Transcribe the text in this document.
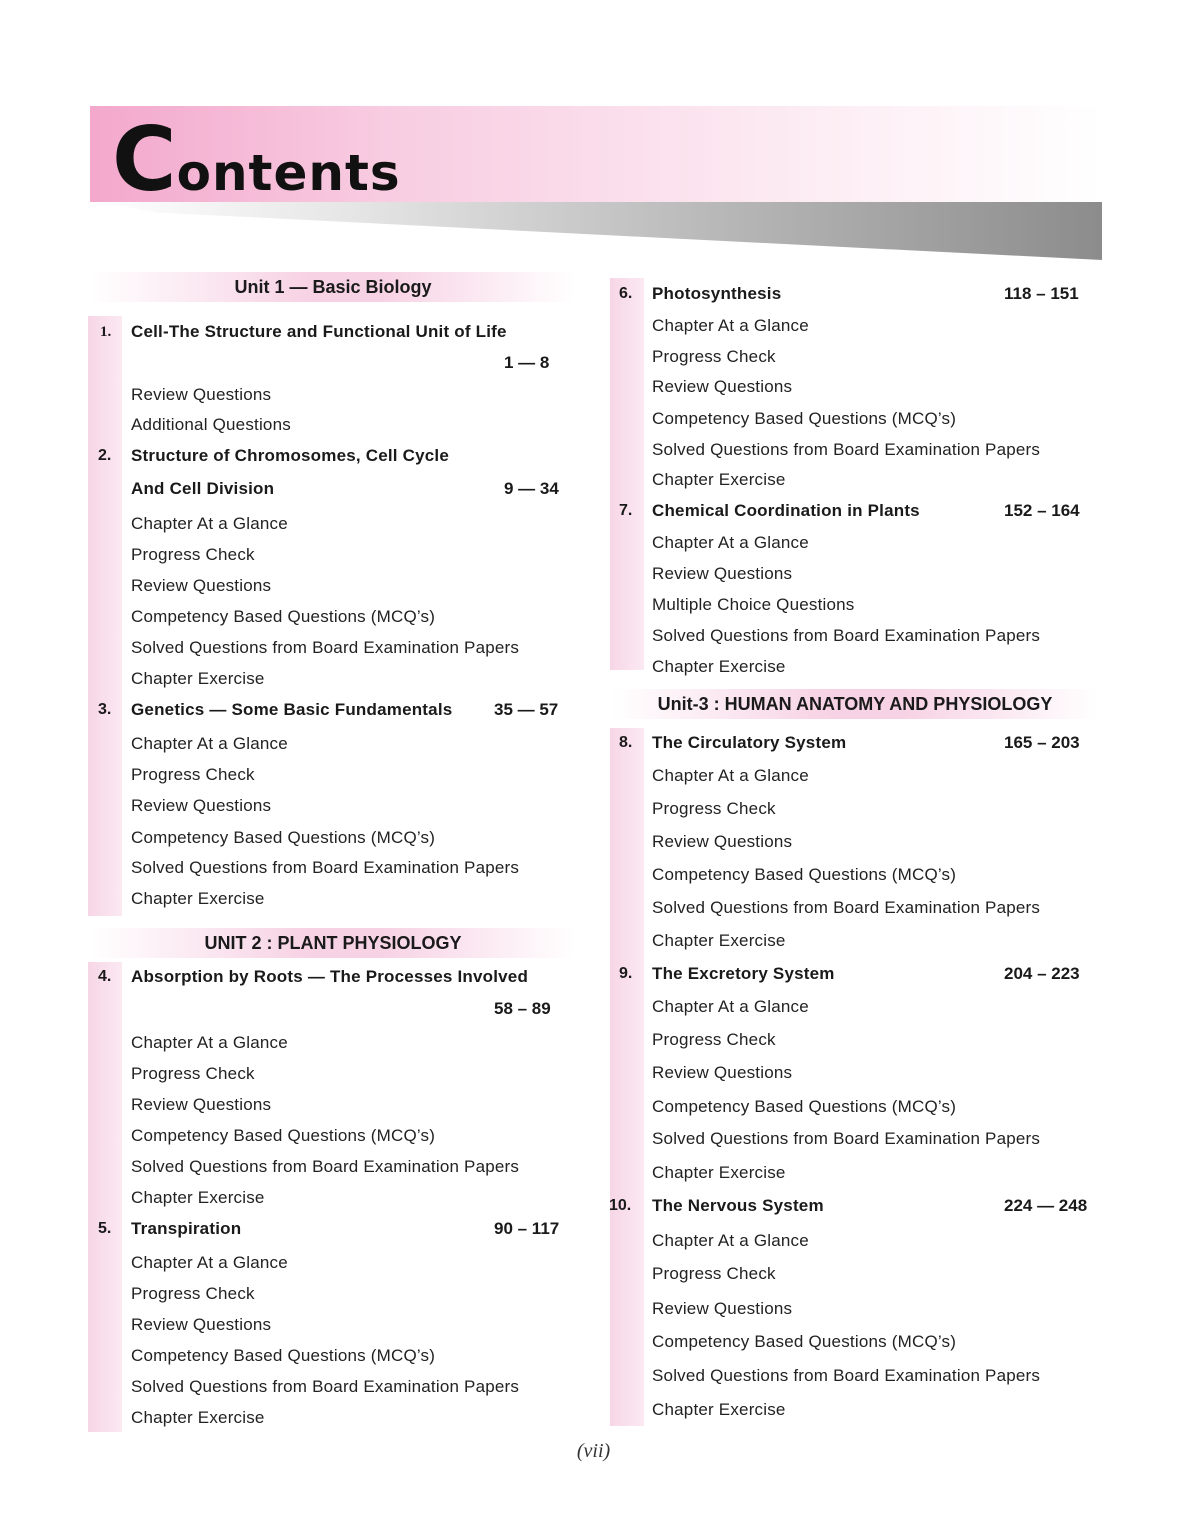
Contents
Unit 1 — Basic Biology
1. Cell-The Structure and Functional Unit of Life
1 — 8
Review Questions
Additional Questions
2. Structure of Chromosomes, Cell Cycle
And Cell Division	9 — 34
Chapter At a Glance
Progress Check
Review Questions
Competency Based Questions (MCQ’s)
Solved Questions from Board Examination Papers
Chapter Exercise
3. Genetics — Some Basic Fundamentals 35 — 57
Chapter At a Glance
Progress Check
Review Questions
Competency Based Questions (MCQ’s)
Solved Questions from Board Examination Papers
Chapter Exercise
UNIT 2 : PLANT PHYSIOLOGY
4. Absorption by Roots — The Processes Involved
58 – 89
Chapter At a Glance
Progress Check
Review Questions
Competency Based Questions (MCQ’s)
Solved Questions from Board Examination Papers
Chapter Exercise
5. Transpiration	90 – 117
Chapter At a Glance
Progress Check
Review Questions
Competency Based Questions (MCQ’s)
Solved Questions from Board Examination Papers
Chapter Exercise
6. Photosynthesis	118 – 151
Chapter At a Glance
Progress Check
Review Questions
Competency Based Questions (MCQ’s)
Solved Questions from Board Examination Papers
Chapter Exercise
7. Chemical Coordination in Plants	152 – 164
Chapter At a Glance
Review Questions
Multiple Choice Questions
Solved Questions from Board Examination Papers
Chapter Exercise
Unit-3 : HUMAN ANATOMY AND PHYSIOLOGY
8. The Circulatory System	165 – 203
Chapter At a Glance
Progress Check
Review Questions
Competency Based Questions (MCQ’s)
Solved Questions from Board Examination Papers
Chapter Exercise
9. The Excretory System	204 – 223
Chapter At a Glance
Progress Check
Review Questions
Competency Based Questions (MCQ’s)
Solved Questions from Board Examination Papers
Chapter Exercise
10. The Nervous System	224 — 248
Chapter At a Glance
Progress Check
Review Questions
Competency Based Questions (MCQ’s)
Solved Questions from Board Examination Papers
Chapter Exercise
(vii)
